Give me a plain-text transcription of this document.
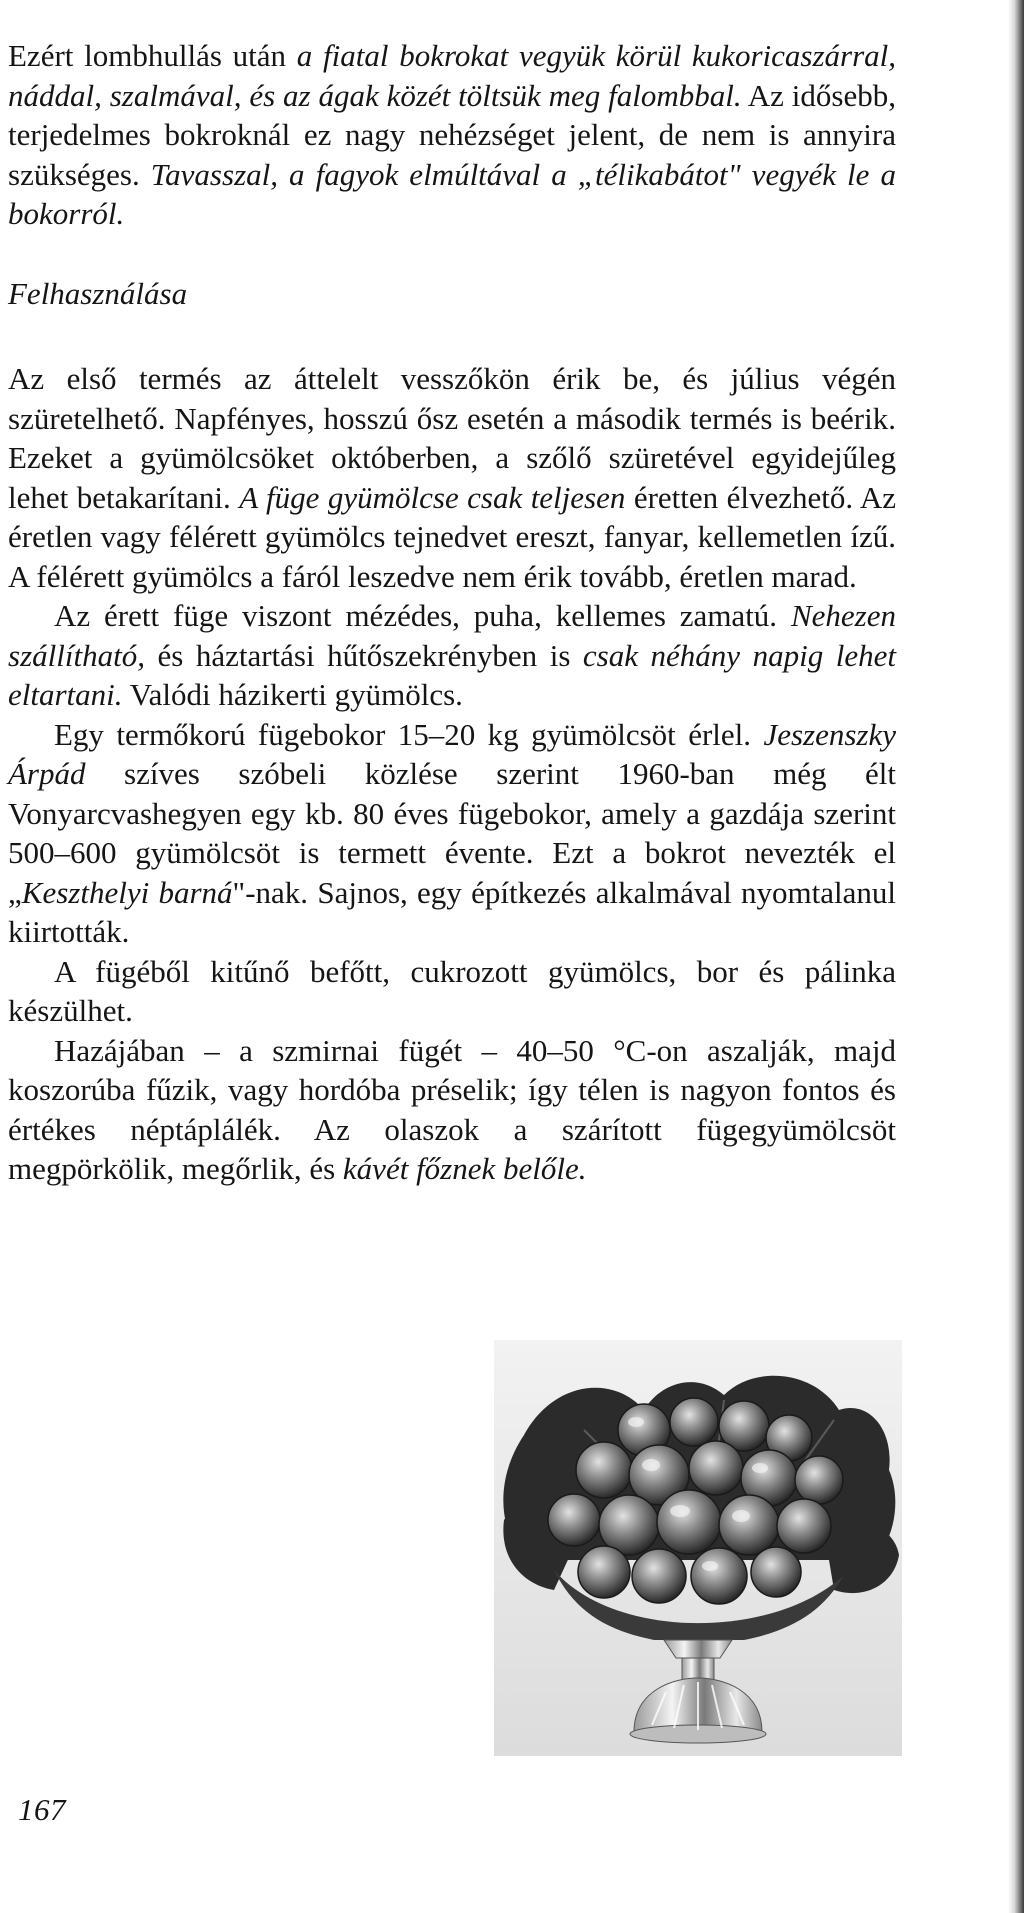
Ezért lombhullás után a fiatal bokrokat vegyük körül kukoricaszárral, náddal, szalmával, és az ágak közét töltsük meg falombbal. Az idősebb, terjedelmes bokroknál ez nagy nehézséget jelent, de nem is annyira szükséges. Tavasszal, a fagyok elmúltával a „télikabátot" vegyék le a bokorról.

Felhasználása

Az első termés az áttelelt vesszőkön érik be, és július végén szüretelhető. Napfényes, hosszú ősz esetén a második termés is beérik. Ezeket a gyümölcsöket októberben, a szőlő szüretével egyidejűleg lehet betakarítani. A füge gyümölcse csak teljesen éretten élvezhető. Az éretlen vagy félérett gyümölcs tejnedvet ereszt, fanyar, kellemetlen ízű. A félérett gyümölcs a fáról leszedve nem érik tovább, éretlen marad.

Az érett füge viszont mézédes, puha, kellemes zamatú. Nehezen szállítható, és háztartási hűtőszekrényben is csak néhány napig lehet eltartani. Valódi házikerti gyümölcs.

Egy termőkorú fügebokor 15–20 kg gyümölcsöt érlel. Jeszenszky Árpád szíves szóbeli közlése szerint 1960-ban még élt Vonyarcvashegyen egy kb. 80 éves fügebokor, amely a gazdája szerint 500–600 gyümölcsöt is termett évente. Ezt a bokrot nevezték el „Keszthelyi barná"-nak. Sajnos, egy építkezés alkalmával nyomtalanul kiirtották.

A fügéből kitűnő befőtt, cukrozott gyümölcs, bor és pálinka készülhet.

Hazájában – a szmirnai fügét – 40–50 °C-on aszalják, majd koszorúba fűzik, vagy hordóba préselik; így télen is nagyon fontos és értékes néptáplálék. Az olaszok a szárított fügegyümölcsöt megpörkölik, megőrlik, és kávét főznek belőle.

167
